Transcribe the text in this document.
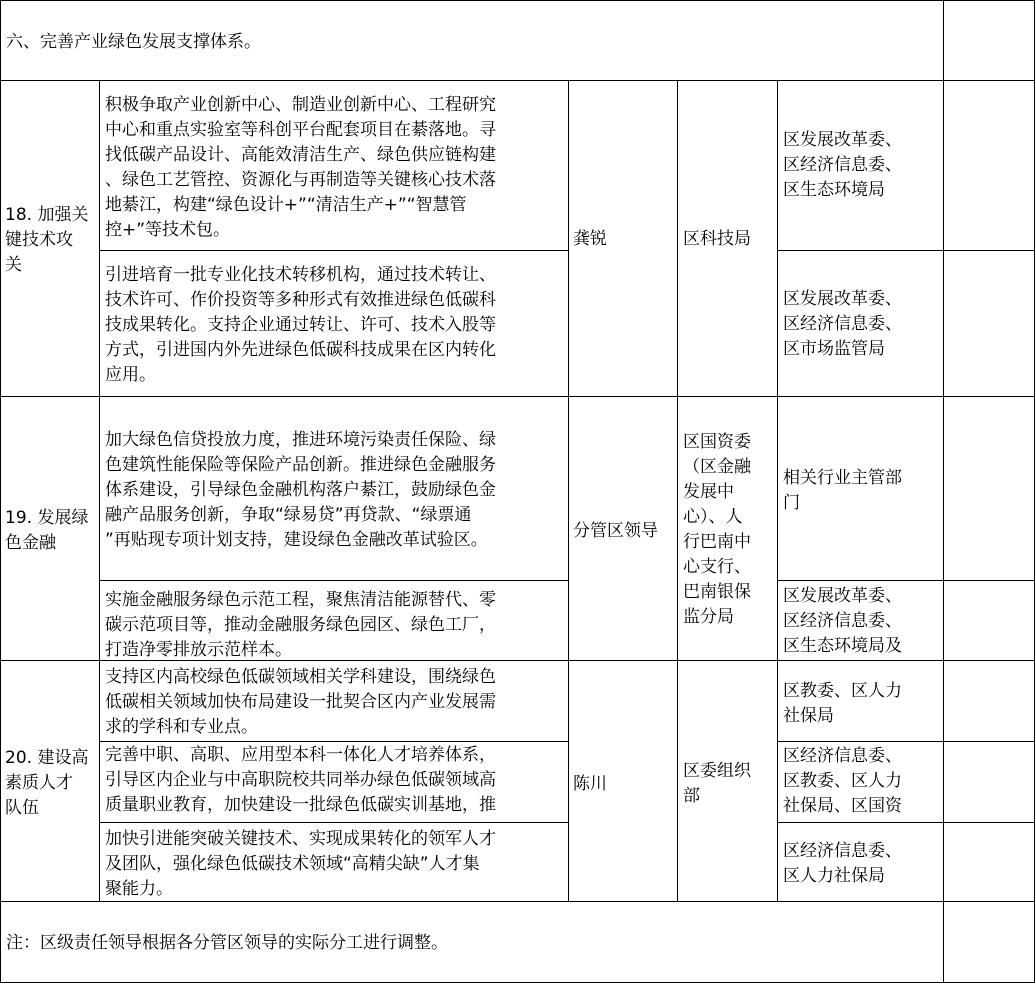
六、完善产业绿色发展支撑体系。
18. 加强关
键技术攻
关
积极争取产业创新中心、制造业创新中心、工程研究
中心和重点实验室等科创平台配套项目在綦落地。寻
找低碳产品设计、高能效清洁生产、绿色供应链构建
、绿色工艺管控、资源化与再制造等关键核心技术落
地綦江，构建“绿色设计+”“清洁生产+”“智慧管
控+”等技术包。
引进培育一批专业化技术转移机构，通过技术转让、
技术许可、作价投资等多种形式有效推进绿色低碳科
技成果转化。支持企业通过转让、许可、技术入股等
方式，引进国内外先进绿色低碳科技成果在区内转化
应用。
龚锐	区科技局
区发展改革委、
区经济信息委、
区生态环境局
区发展改革委、
区经济信息委、
区市场监管局
19. 发展绿
色金融
加大绿色信贷投放力度，推进环境污染责任保险、绿
色建筑性能保险等保险产品创新。推进绿色金融服务
体系建设，引导绿色金融机构落户綦江，鼓励绿色金
融产品服务创新，争取“绿易贷”再贷款、“绿票通
”再贴现专项计划支持，建设绿色金融改革试验区。
实施金融服务绿色示范工程，聚焦清洁能源替代、零
碳示范项目等，推动金融服务绿色园区、绿色工厂，
打造净零排放示范样本。
分管区领导
区国资委
（区金融
发展中
心）、人
行巴南中
心支行、
巴南银保
监分局
相关行业主管部
门
区发展改革委、
区经济信息委、
区生态环境局及
20. 建设高
素质人才
队伍
支持区内高校绿色低碳领域相关学科建设，围绕绿色
低碳相关领域加快布局建设一批契合区内产业发展需
求的学科和专业点。
完善中职、高职、应用型本科一体化人才培养体系，
引导区内企业与中高职院校共同举办绿色低碳领域高
质量职业教育，加快建设一批绿色低碳实训基地，推
加快引进能突破关键技术、实现成果转化的领军人才
及团队，强化绿色低碳技术领域“高精尖缺”人才集
聚能力。
陈川
区委组织
部
区教委、区人力
社保局
区经济信息委、
区教委、区人力
社保局、区国资
区经济信息委、
区人力社保局
注：区级责任领导根据各分管区领导的实际分工进行调整。
